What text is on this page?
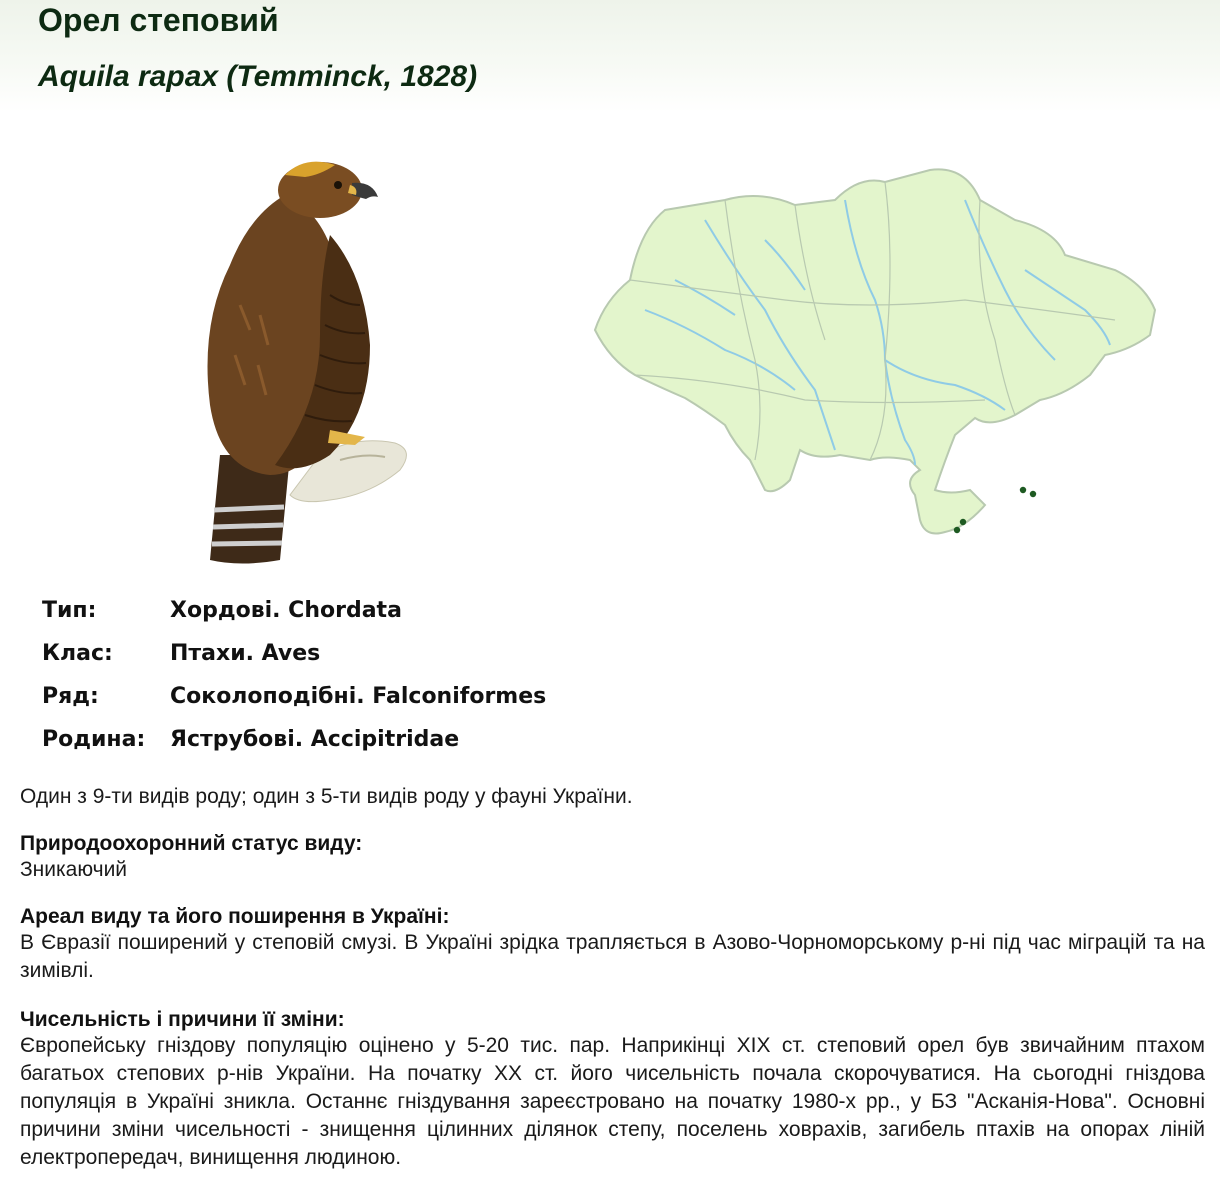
Орел степовий
Aquila rapax (Temminck, 1828)
Тип:	Хордові. Chordata
Клас:	Птахи. Aves
Ряд:	Соколоподібні. Falconiformes
Родина: Яструбові. Accipitridae
Один з 9-ти видів роду; один з 5-ти видів роду у фауні України.
Природоохоронний статус виду:
Зникаючий
Ареал виду та його поширення в Україні:
В Євразії поширений у степовій смузі. В Україні зрідка трапляється в Азово-Чорноморському р-ні під час міграцій та на зимівлі.
Чисельність і причини її зміни:
Європейську гніздову популяцію оцінено у 5-20 тис. пар. Наприкінці XIX ст. степовий орел був звичайним птахом багатьох степових р-нів України. На початку XX ст. його чисельність почала скорочуватися. На сьогодні гніздова популяція в Україні зникла. Останнє гніздування зареєстровано на початку 1980-х рр., у БЗ "Асканія-Нова". Основні причини зміни чисельності - знищення цілинних ділянок степу, поселень ховрахів, загибель птахів на опорах ліній електропередач, винищення людиною.
